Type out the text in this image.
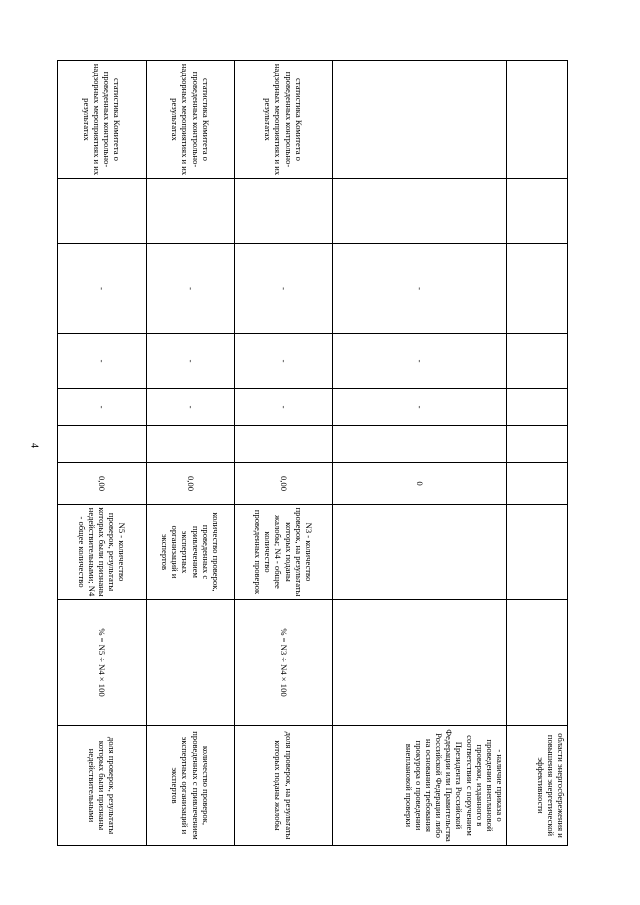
4
									области энергосбережения и повышения энергетической эффективности
		-	-	-		0			- наличие приказа о проведении внеплановой проверки, изданного в соответствии с поручением Президента Российской Федерации или Правительства Российской Федерации либо на основании требования прокурора о проведении внеплановой проверки
статистика Комитета о проведенных контрольно-надзорных мероприятиях и их результатах		-	-	-		0,00	N3 - количество проверок, на результаты которых поданы жалобы; N4 - общее количество проведенных проверок	% = N3 ÷ N4 × 100	доля проверок, на результаты которых поданы жалобы
статистика Комитета о проведенных контрольно-надзорных мероприятиях и их результатах		-	-	-		0,00	количество проверок, проведенных с привлечением экспертных организаций и экспертов		количество проверок, проведенных с привлечением экспертных организаций и экспертов
статистика Комитета о проведенных контрольно-надзорных мероприятиях и их результатах		-	-	-		0,00	N5 - количество проверок, результаты которых были признаны недействительными; N4 - общее количество	% = N5 ÷ N4 × 100	доля проверок, результаты которых были признаны недействительными
